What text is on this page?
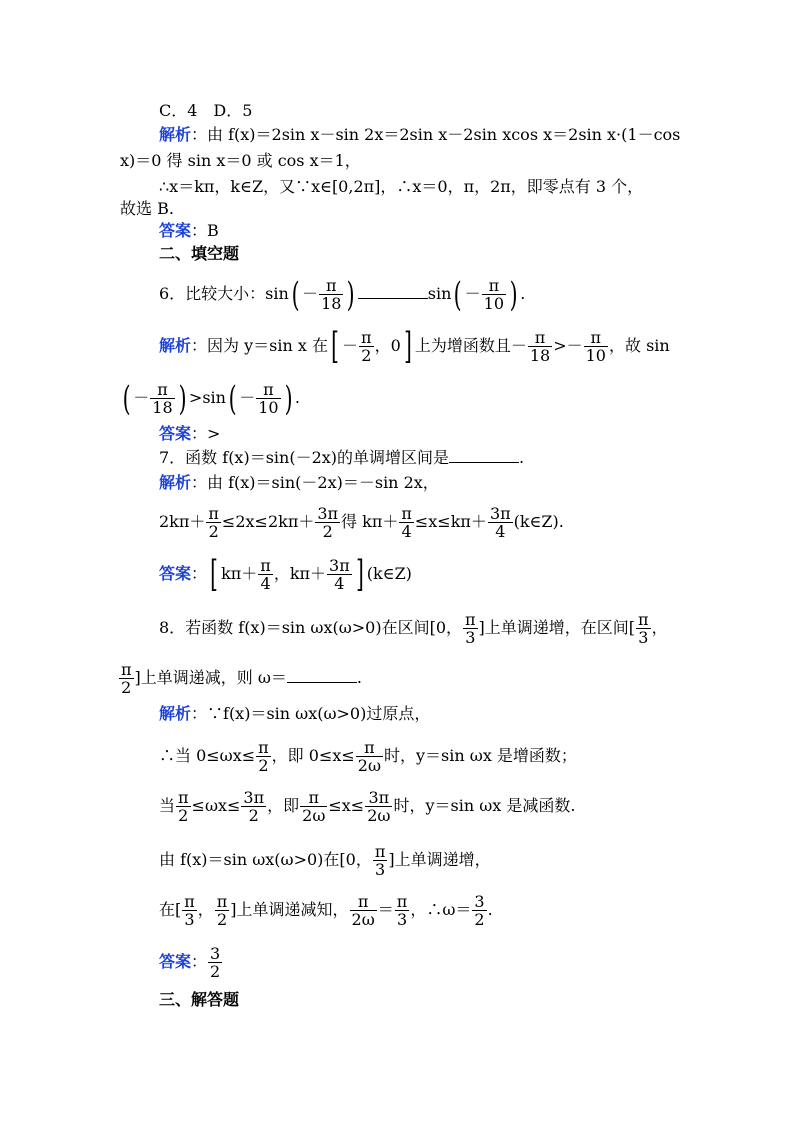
C．4　D．5
解析：由 f(x)＝2sin x－sin 2x＝2sin x－2sin xcos x＝2sin x·(1－cos
x)＝0 得 sin x＝0 或 cos x＝1，
∴x＝kπ，k∈Z，又∵x∈[0,2π]，∴x＝0，π，2π，即零点有 3 个，
故选 B.
答案：B
二、填空题
6．比较大小：$\sin( - \frac{\pi}{18}$ )	$\sin( - \frac{\pi}{10}$ ) .
解析：因为 y＝sin x 在[ － $\frac{\pi}{2}$ ，0] 上为增函数且－ $\frac{\pi}{18} >- \frac{\pi}{10}$ ，故 sin
( － $\frac{\pi}{18}$ ) $>\sin( - \frac{\pi}{10}$ ) .
答案：>
7．函数 f(x)＝sin(－2x)的单调增区间是	.
解析：由 f(x)＝sin(－2x)＝－sin 2x，
$2k\pi+ \frac{\pi}{2} \le 2x\le 2k\pi+ \frac{3\pi}{2}$ 得 $k\pi+ \frac{\pi}{4} \le x\le k\pi+ \frac{3\pi}{4}$ (k∈Z).
答案：[ $k\pi+ \frac{\pi}{4}$ ，$k\pi+ \frac{3\pi}{4}$ ] (k∈Z)
8．若函数 f(x)＝sin ωx(ω>0)在区间[0， $\frac{\pi}{3}$ ]上单调递增，在区间[ $\frac{\pi}{3}$ ，
$\frac{\pi}{2}$ ]上单调递减，则 ω＝	.
解析：∵f(x)＝sin ωx(ω>0)过原点，
∴当 $0\le\omega x\le \frac{\pi}{2}$ ，即 $0\le x\le \frac{\pi}{2\omega}$ 时，y＝sin ωx 是增函数；
当 $\frac{\pi}{2} \le\omega x\le \frac{3\pi}{2}$ ，即 $\frac{\pi}{2\omega} \le x\le \frac{3\pi}{2\omega}$ 时，y＝sin ωx 是减函数.
由 f(x)＝sin ωx(ω>0)在[0， $\frac{\pi}{3}$ ]上单调递增，
在[ $\frac{\pi}{3}$ ， $\frac{\pi}{2}$ ]上单调递减知， $\frac{\pi}{2\omega} = \frac{\pi}{3}$ ，∴ω＝ $\frac{3}{2}$ .
答案： $\frac{3}{2}$
三、解答题
